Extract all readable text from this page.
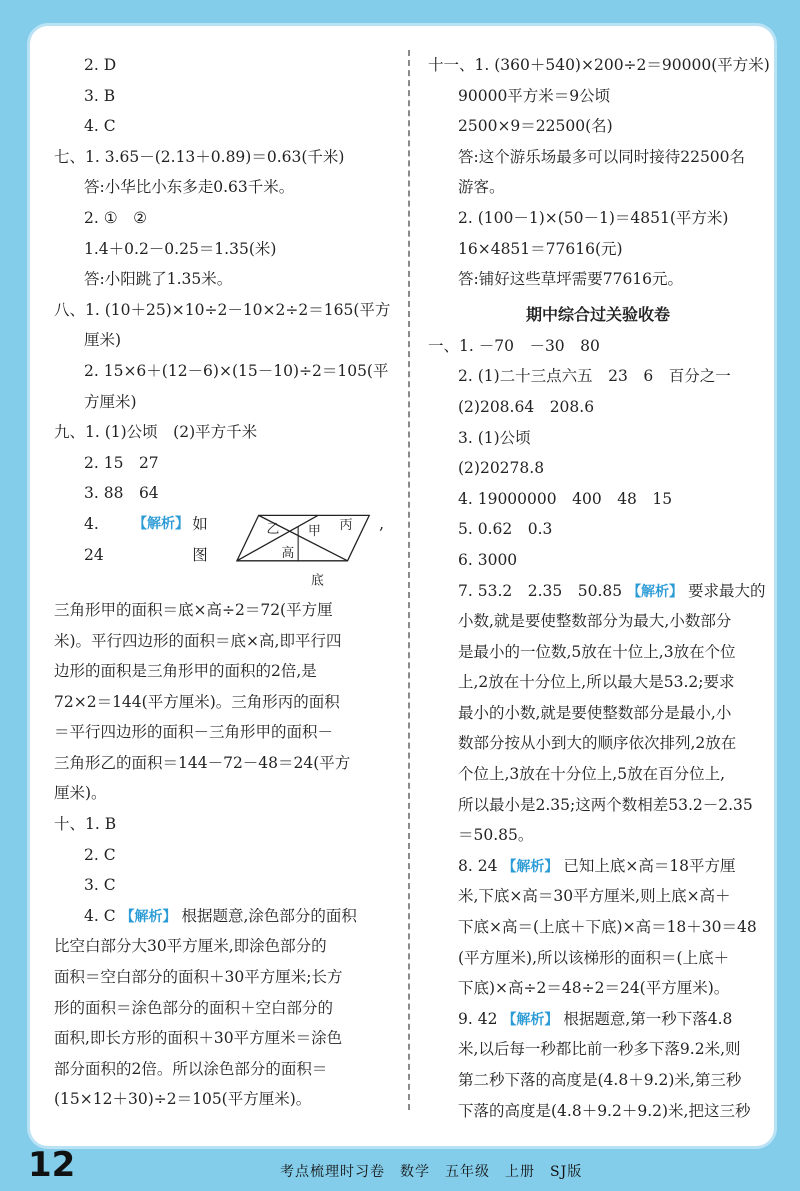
2. D
3. B
4. C
七、1. 3.65－(2.13＋0.89)＝0.63(千米)
答:小华比小东多走0.63千米。
2. ①　②
1.4＋0.2－0.25＝1.35(米)
答:小阳跳了1.35米。
八、1. (10＋25)×10÷2－10×2÷2＝165(平方
厘米)
2. 15×6＋(12－6)×(15－10)÷2＝105(平
方厘米)
九、1. (1)公顷　(2)平方千米
2. 15　27
3. 88　64
4. 24
【解析】 如图
乙 甲 丙
高
底
,
三角形甲的面积＝底×高÷2＝72(平方厘
米)。平行四边形的面积＝底×高,即平行四
边形的面积是三角形甲的面积的2倍,是
72×2＝144(平方厘米)。三角形丙的面积
＝平行四边形的面积－三角形甲的面积－
三角形乙的面积＝144－72－48＝24(平方
厘米)。
十、1. B
2. C
3. C
4. C 【解析】 根据题意,涂色部分的面积
比空白部分大30平方厘米,即涂色部分的
面积＝空白部分的面积＋30平方厘米;长方
形的面积＝涂色部分的面积＋空白部分的
面积,即长方形的面积＋30平方厘米＝涂色
部分面积的2倍。所以涂色部分的面积＝
(15×12＋30)÷2＝105(平方厘米)。
十一、1. (360＋540)×200÷2＝90000(平方米)
90000平方米＝9公顷
2500×9＝22500(名)
答:这个游乐场最多可以同时接待22500名
游客。
2. (100－1)×(50－1)＝4851(平方米)
16×4851＝77616(元)
答:铺好这些草坪需要77616元。
期中综合过关验收卷
一、1. －70　－30　80
2. (1)二十三点六五　23　6　百分之一
(2)208.64　208.6
3. (1)公顷
(2)20278.8
4. 19000000　400　48　15
5. 0.62　0.3
6. 3000
7. 53.2　2.35　50.85 【解析】 要求最大的
小数,就是要使整数部分为最大,小数部分
是最小的一位数,5放在十位上,3放在个位
上,2放在十分位上,所以最大是53.2;要求
最小的小数,就是要使整数部分是最小,小
数部分按从小到大的顺序依次排列,2放在
个位上,3放在十分位上,5放在百分位上,
所以最小是2.35;这两个数相差53.2－2.35
＝50.85。
8. 24 【解析】 已知上底×高＝18平方厘
米,下底×高＝30平方厘米,则上底×高＋
下底×高＝(上底＋下底)×高＝18＋30＝48
(平方厘米),所以该梯形的面积＝(上底＋
下底)×高÷2＝48÷2＝24(平方厘米)。
9. 42 【解析】 根据题意,第一秒下落4.8
米,以后每一秒都比前一秒多下落9.2米,则
第二秒下落的高度是(4.8＋9.2)米,第三秒
下落的高度是(4.8＋9.2＋9.2)米,把这三秒
12	考点梳理时习卷　数学　五年级　上册　SJ版
